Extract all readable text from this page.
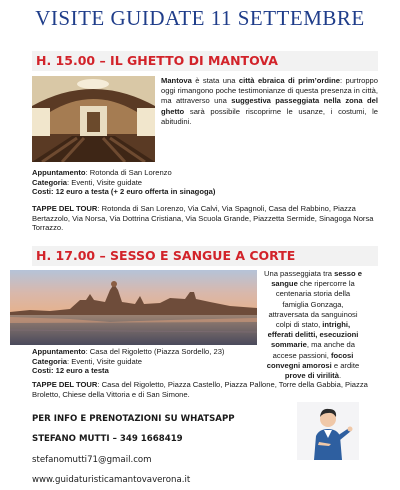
VISITE GUIDATE 11 SETTEMBRE
H. 15.00 – IL GHETTO DI MANTOVA
Mantova è stata una città ebraica di prim’ordine: purtroppo oggi rimangono poche testimonianze di questa presenza in città, ma attraverso una suggestiva passeggiata nella zona del ghetto sarà possibile riscoprirne le usanze, i costumi, le abitudini.
Appuntamento: Rotonda di San Lorenzo
Categoria: Eventi, Visite guidate
Costi: 12 euro a testa (+ 2 euro offerta in sinagoga)
TAPPE DEL TOUR: Rotonda di San Lorenzo, Via Calvi, Via Spagnoli, Casa del Rabbino, Piazza Bertazzolo, Via Norsa, Via Dottrina Cristiana, Via Scuola Grande, Piazzetta Sermide, Sinagoga Norsa Torrazzo.
H. 17.00 – SESSO E SANGUE A CORTE
Una passeggiata tra sesso e sangue che ripercorre la centenaria storia della famiglia Gonzaga, attraversata da sanguinosi colpi di stato, intrighi, efferati delitti, esecuzioni sommarie, ma anche da accese passioni, focosi convegni amorosi e ardite prove di virilità.
Appuntamento: Casa del Rigoletto (Piazza Sordello, 23)
Categoria: Eventi, Visite guidate
Costi: 12 euro a testa
TAPPE DEL TOUR: Casa del Rigoletto, Piazza Castello, Piazza Pallone, Torre della Gabbia, Piazza Broletto, Chiese della Vittoria e di San Simone.
PER INFO E PRENOTAZIONI SU WHATSAPP
STEFANO MUTTI – 349 1668419
stefanomutti71@gmail.com
www.guidaturisticamantovaverona.it
